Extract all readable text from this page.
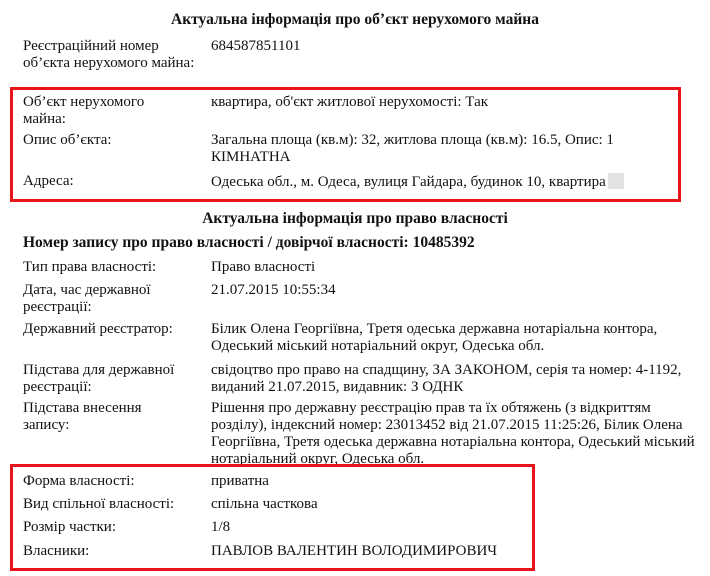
Актуальна інформація про об’єкт нерухомого майна
Реєстраційний номер об’єкта нерухомого майна:
684587851101
Об’єкт нерухомого майна:
квартира, об'єкт житлової нерухомості: Так
Опис об’єкта:	Загальна площа (кв.м): 32, житлова площа (кв.м): 16.5, Опис: 1 КІМНАТНА
Адреса:	Одеська обл., м. Одеса, вулиця Гайдара, будинок 10, квартира
Актуальна інформація про право власності
Номер запису про право власності / довірчої власності: 10485392
Тип права власності:	Право власності
Дата, час державної реєстрації:
21.07.2015 10:55:34
Державний реєстратор:	Білик Олена Георгіївна, Третя одеська державна нотаріальна контора, Одеський міський нотаріальний округ, Одеська обл.
Підстава для державної реєстрації:
свідоцтво про право на спадщину, ЗА ЗАКОНОМ, серія та номер: 4-1192, виданий 21.07.2015, видавник: З ОДНК
Підстава внесення запису:
Рішення про державну реєстрацію прав та їх обтяжень (з відкриттям розділу), індексний номер: 23013452 від 21.07.2015 11:25:26, Білик Олена Георгіївна, Третя одеська державна нотаріальна контора, Одеський міський нотаріальний округ, Одеська обл.
Форма власності:	приватна
Вид спільної власності:	спільна часткова
Розмір частки:	1/8
Власники:	ПАВЛОВ ВАЛЕНТИН ВОЛОДИМИРОВИЧ
